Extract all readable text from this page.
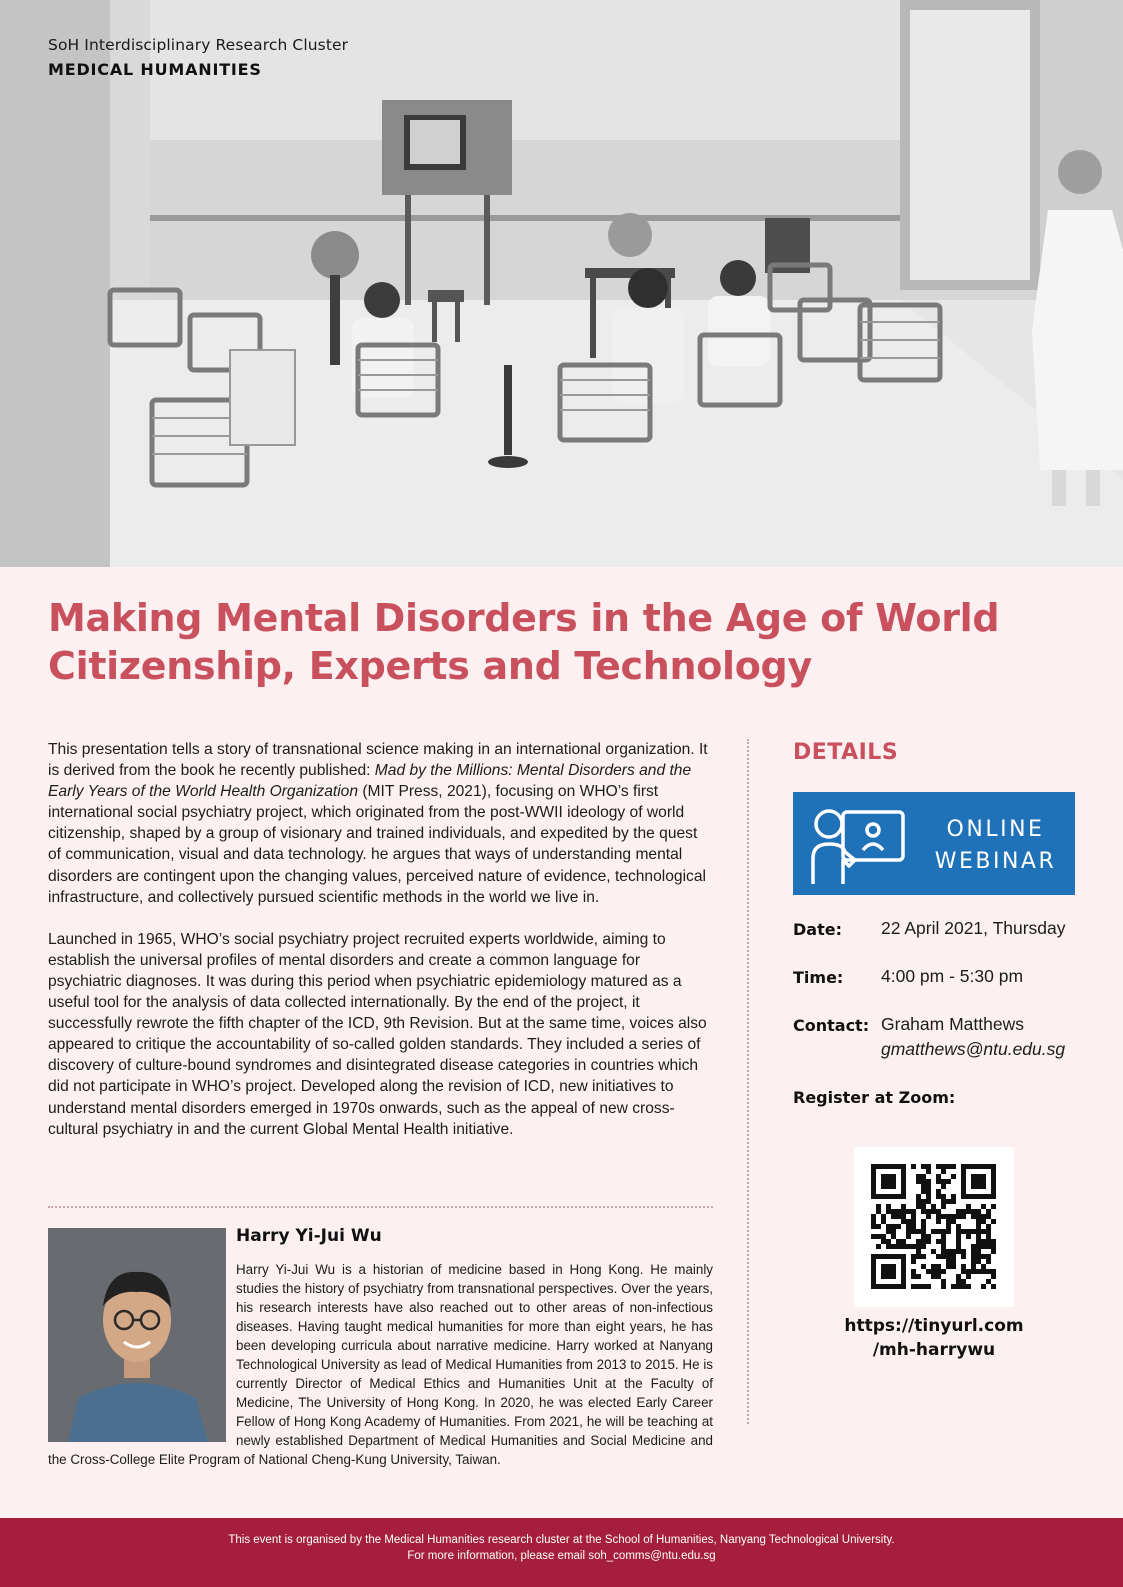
SoH Interdisciplinary Research Cluster
MEDICAL HUMANITIES
Making Mental Disorders in the Age of World
Citizenship, Experts and Technology

This presentation tells a story of transnational science making in an international organization. It is derived from the book he recently published: Mad by the Millions: Mental Disorders and the Early Years of the World Health Organization (MIT Press, 2021), focusing on WHO’s first international social psychiatry project, which originated from the post-WWII ideology of world citizenship, shaped by a group of visionary and trained individuals, and expedited by the quest of communication, visual and data technology. he argues that ways of understanding mental disorders are contingent upon the changing values, perceived nature of evidence, technological infrastructure, and collectively pursued scientific methods in the world we live in.

Launched in 1965, WHO’s social psychiatry project recruited experts worldwide, aiming to establish the universal profiles of mental disorders and create a common language for psychiatric diagnoses. It was during this period when psychiatric epidemiology matured as a useful tool for the analysis of data collected internationally. By the end of the project, it successfully rewrote the fifth chapter of the ICD, 9th Revision. But at the same time, voices also appeared to critique the accountability of so-called golden standards. They included a series of discovery of culture-bound syndromes and disintegrated disease categories in countries which did not participate in WHO’s project. Developed along the revision of ICD, new initiatives to understand mental disorders emerged in 1970s onwards, such as the appeal of new cross-cultural psychiatry in and the current Global Mental Health initiative.

Harry Yi-Jui Wu
Harry Yi-Jui Wu is a historian of medicine based in Hong Kong. He mainly studies the history of psychiatry from transnational perspectives. Over the years, his research interests have also reached out to other areas of non-infectious diseases. Having taught medical humanities for more than eight years, he has been developing curricula about narrative medicine. Harry worked at Nanyang Technological University as lead of Medical Humanities from 2013 to 2015. He is currently Director of Medical Ethics and Humanities Unit at the Faculty of Medicine, The University of Hong Kong. In 2020, he was elected Early Career Fellow of Hong Kong Academy of Humanities. From 2021, he will be teaching at newly established Department of Medical Humanities and Social Medicine and the Cross-College Elite Program of National Cheng-Kung University, Taiwan.
DETAILS
ONLINE
WEBINAR
Date: 22 April 2021, Thursday
Time: 4:00 pm - 5:30 pm
Contact: Graham Matthews
gmatthews@ntu.edu.sg
Register at Zoom:
https://tinyurl.com
/mh-harrywu
This event is organised by the Medical Humanities research cluster at the School of Humanities, Nanyang Technological University.
For more information, please email soh_comms@ntu.edu.sg
